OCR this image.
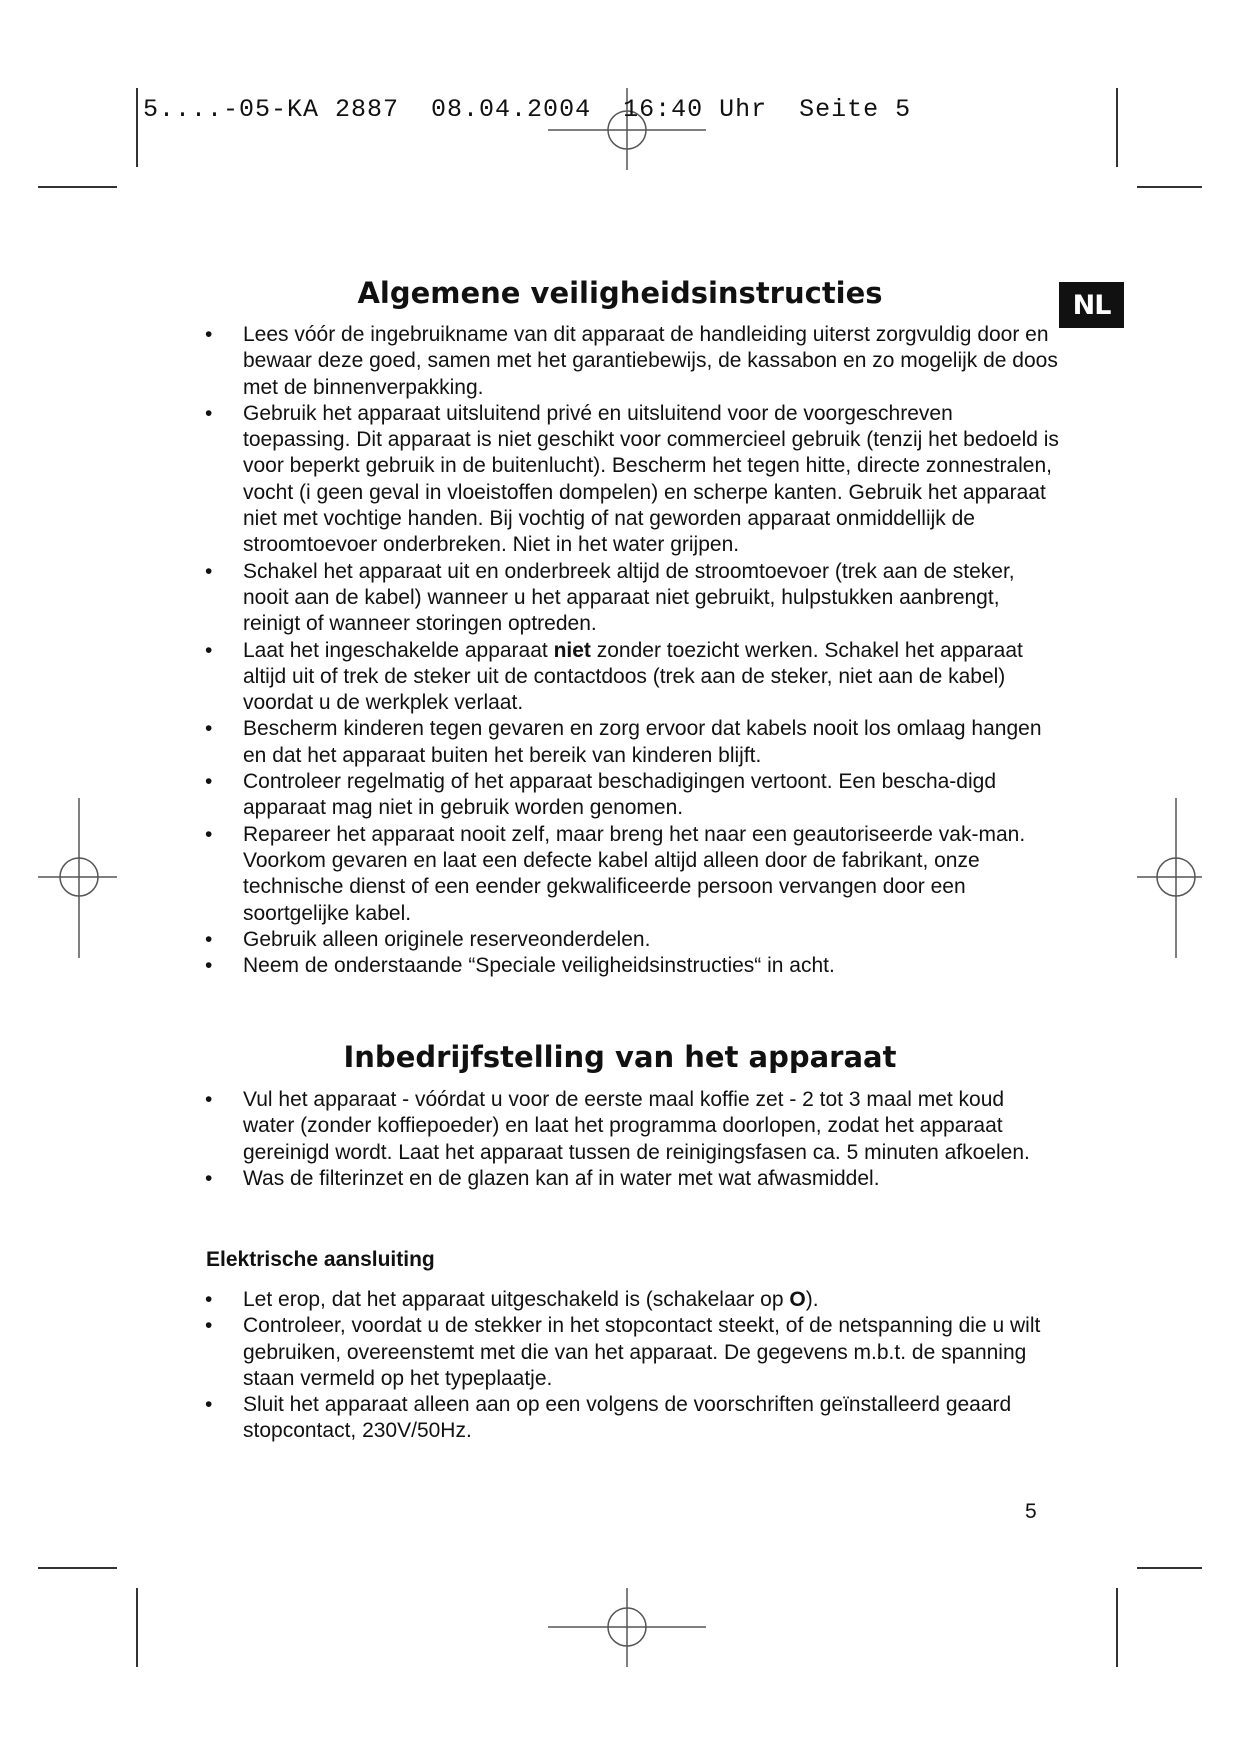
5....-05-KA 2887  08.04.2004  16:40 Uhr  Seite 5
NL
Algemene veiligheidsinstructies
• Lees vóór de ingebruikname van dit apparaat de handleiding uiterst zorgvuldig door en bewaar deze goed, samen met het garantiebewijs, de kassabon en zo mogelijk de doos met de binnenverpakking.
• Gebruik het apparaat uitsluitend privé en uitsluitend voor de voorgeschreven toepassing. Dit apparaat is niet geschikt voor commercieel gebruik (tenzij het bedoeld is voor beperkt gebruik in de buitenlucht). Bescherm het tegen hitte, directe zonnestralen, vocht (i geen geval in vloeistoffen dompelen) en scherpe kanten. Gebruik het apparaat niet met vochtige handen. Bij vochtig of nat geworden apparaat onmiddellijk de stroomtoevoer onderbreken. Niet in het water grijpen.
• Schakel het apparaat uit en onderbreek altijd de stroomtoevoer (trek aan de steker, nooit aan de kabel) wanneer u het apparaat niet gebruikt, hulpstukken aanbrengt, reinigt of wanneer storingen optreden.
• Laat het ingeschakelde apparaat niet zonder toezicht werken. Schakel het apparaat altijd uit of trek de steker uit de contactdoos (trek aan de steker, niet aan de kabel) voordat u de werkplek verlaat.
• Bescherm kinderen tegen gevaren en zorg ervoor dat kabels nooit los omlaag hangen en dat het apparaat buiten het bereik van kinderen blijft.
• Controleer regelmatig of het apparaat beschadigingen vertoont. Een bescha-digd apparaat mag niet in gebruik worden genomen.
• Repareer het apparaat nooit zelf, maar breng het naar een geautoriseerde vak-man. Voorkom gevaren en laat een defecte kabel altijd alleen door de fabrikant, onze technische dienst of een eender gekwalificeerde persoon vervangen door een soortgelijke kabel.
• Gebruik alleen originele reserveonderdelen.
• Neem de onderstaande “Speciale veiligheidsinstructies“ in acht.
Inbedrijfstelling van het apparaat
• Vul het apparaat - vóórdat u voor de eerste maal koffie zet - 2 tot 3 maal met koud water (zonder koffiepoeder) en laat het programma doorlopen, zodat het apparaat gereinigd wordt. Laat het apparaat tussen de reinigingsfasen ca. 5 minuten afkoelen.
• Was de filterinzet en de glazen kan af in water met wat afwasmiddel.
Elektrische aansluiting
• Let erop, dat het apparaat uitgeschakeld is (schakelaar op O).
• Controleer, voordat u de stekker in het stopcontact steekt, of de netspanning die u wilt gebruiken, overeenstemt met die van het apparaat. De gegevens m.b.t. de spanning staan vermeld op het typeplaatje.
• Sluit het apparaat alleen aan op een volgens de voorschriften geïnstalleerd geaard stopcontact, 230V/50Hz.
5
